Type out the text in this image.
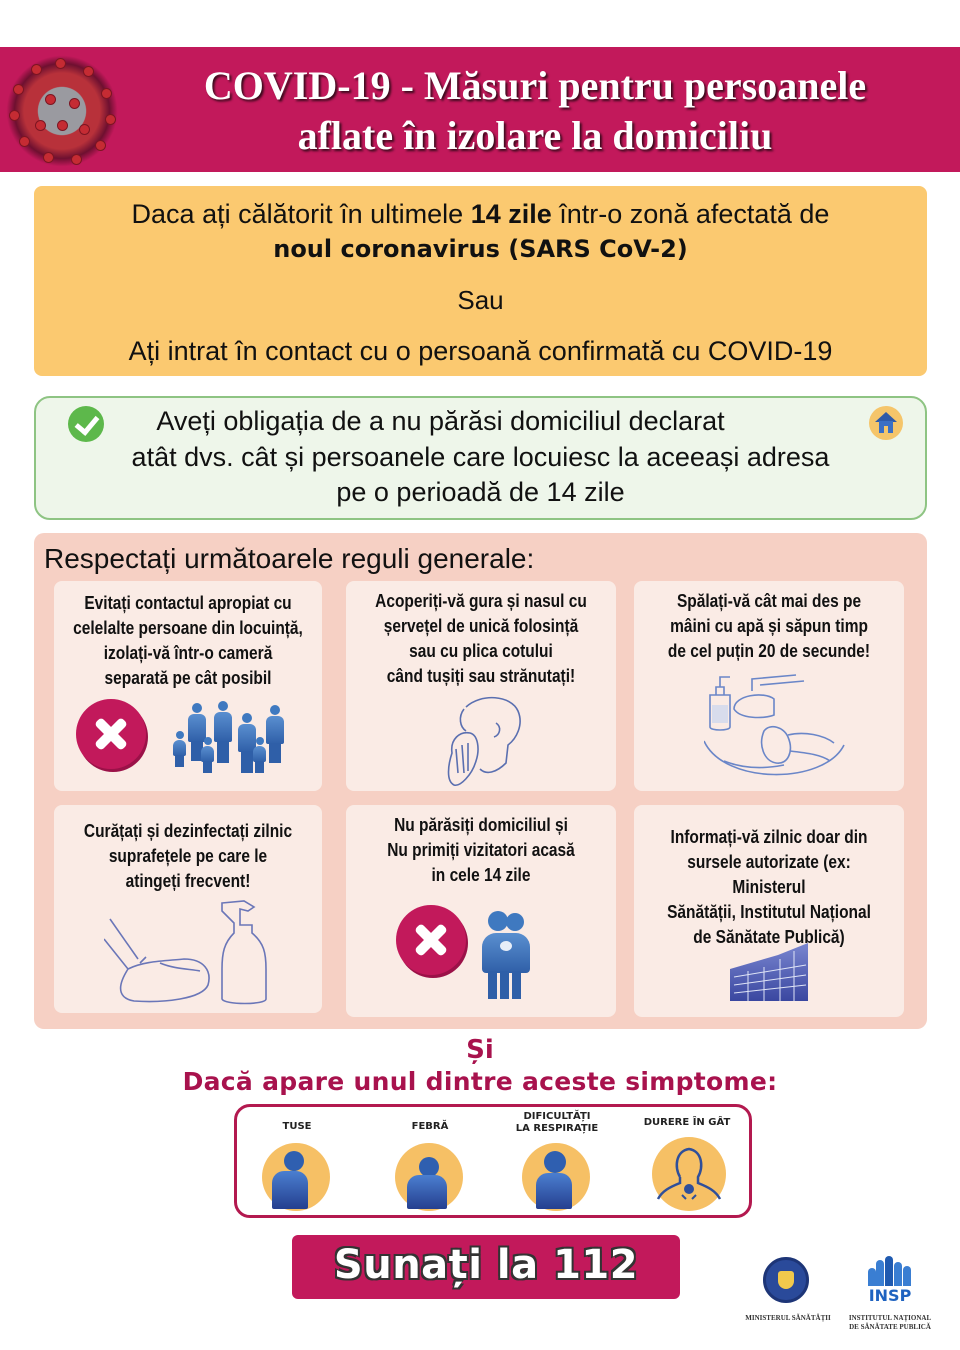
COVID-19 - Măsuri pentru persoanele
aflate în izolare la domiciliu
Daca ați călătorit în ultimele 14 zile într-o zonă afectată de
noul coronavirus (SARS CoV-2)
Sau
Ați intrat în contact cu o persoană confirmată cu COVID-19
Aveți obligația de a nu părăsi domiciliul declarat
atât dvs. cât și persoanele care locuiesc la aceeași adresa
pe o perioadă de 14 zile
Respectați următoarele reguli generale:
Evitați contactul apropiat cu
celelalte persoane din locuință,
izolați-vă într-o cameră
separată pe cât posibil
Acoperiți-vă gura și nasul cu
șervețel de unică folosință
sau cu plica cotului
când tușiți sau strănutați!
Spălați-vă cât mai des pe
mâini cu apă și săpun timp
de cel puțin 20 de secunde!
Curățați și dezinfectați zilnic
suprafețele pe care le
atingeți frecvent!
Nu părăsiți domiciliul și
Nu primiți vizitatori acasă
in cele 14 zile
Informați-vă zilnic doar din
sursele autorizate (ex: Ministerul
Sănătății, Institutul Național
de Sănătate Publică)
Și
Dacă apare unul dintre aceste simptome:
TUSE	FEBRĂ
DIFICULTĂȚI
LA RESPIRAȚIE
DURERE ÎN GÂT
Sunați la 112
MINISTERUL SĂNĂTĂȚII
INSP
INSTITUTUL NAȚIONAL
DE SĂNĂTATE PUBLICĂ
